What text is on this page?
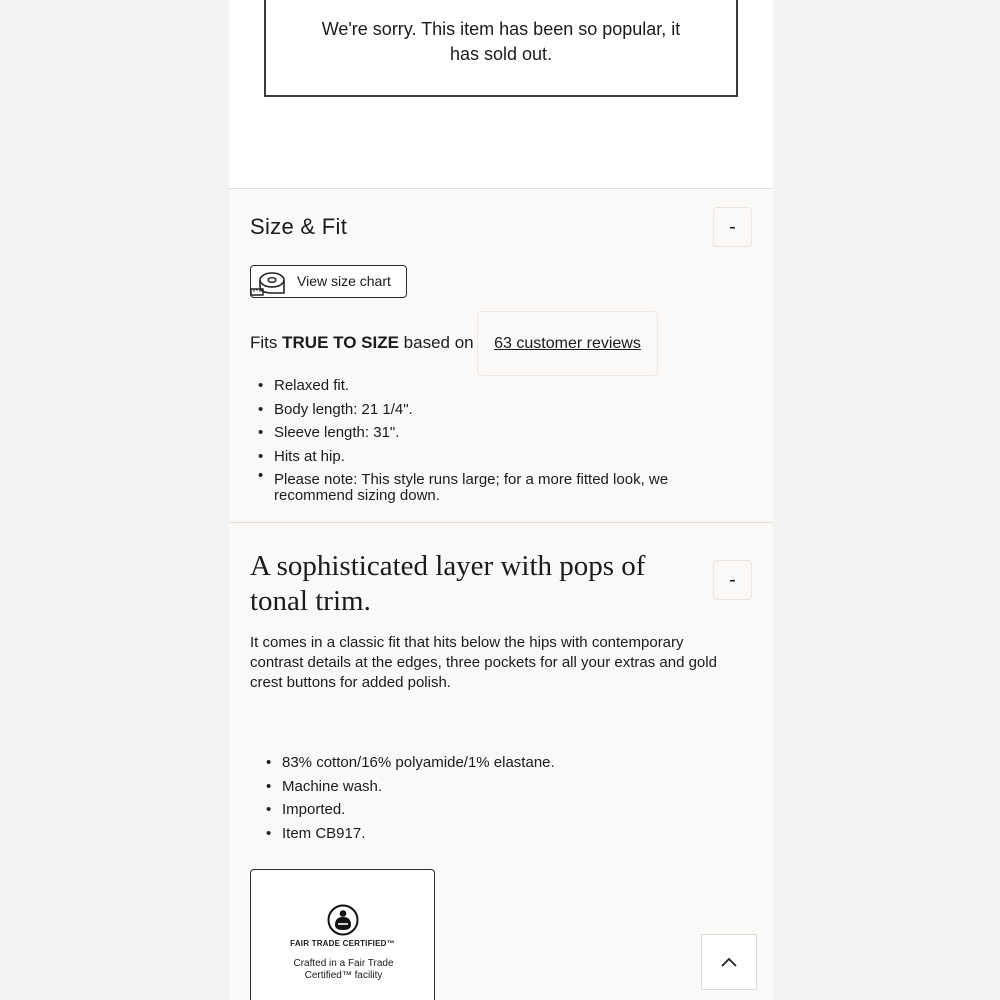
We're sorry. This item has been so popular, it has sold out.
Size & Fit	-
View size chart
Fits TRUE TO SIZE based on 63 customer reviews
• Relaxed fit.
• Body length: 21 1/4".
• Sleeve length: 31".
• Hits at hip.
• Please note: This style runs large; for a more fitted look, we recommend sizing down.
A sophisticated layer with pops of tonal trim.
-

It comes in a classic fit that hits below the hips with contemporary contrast details at the edges, three pockets for all your extras and gold crest buttons for added polish.

• 83% cotton/16% polyamide/1% elastane.
• Machine wash.
• Imported.
• Item CB917.
FAIR TRADE CERTIFIED™
Crafted in a Fair Trade Certified™ facility
